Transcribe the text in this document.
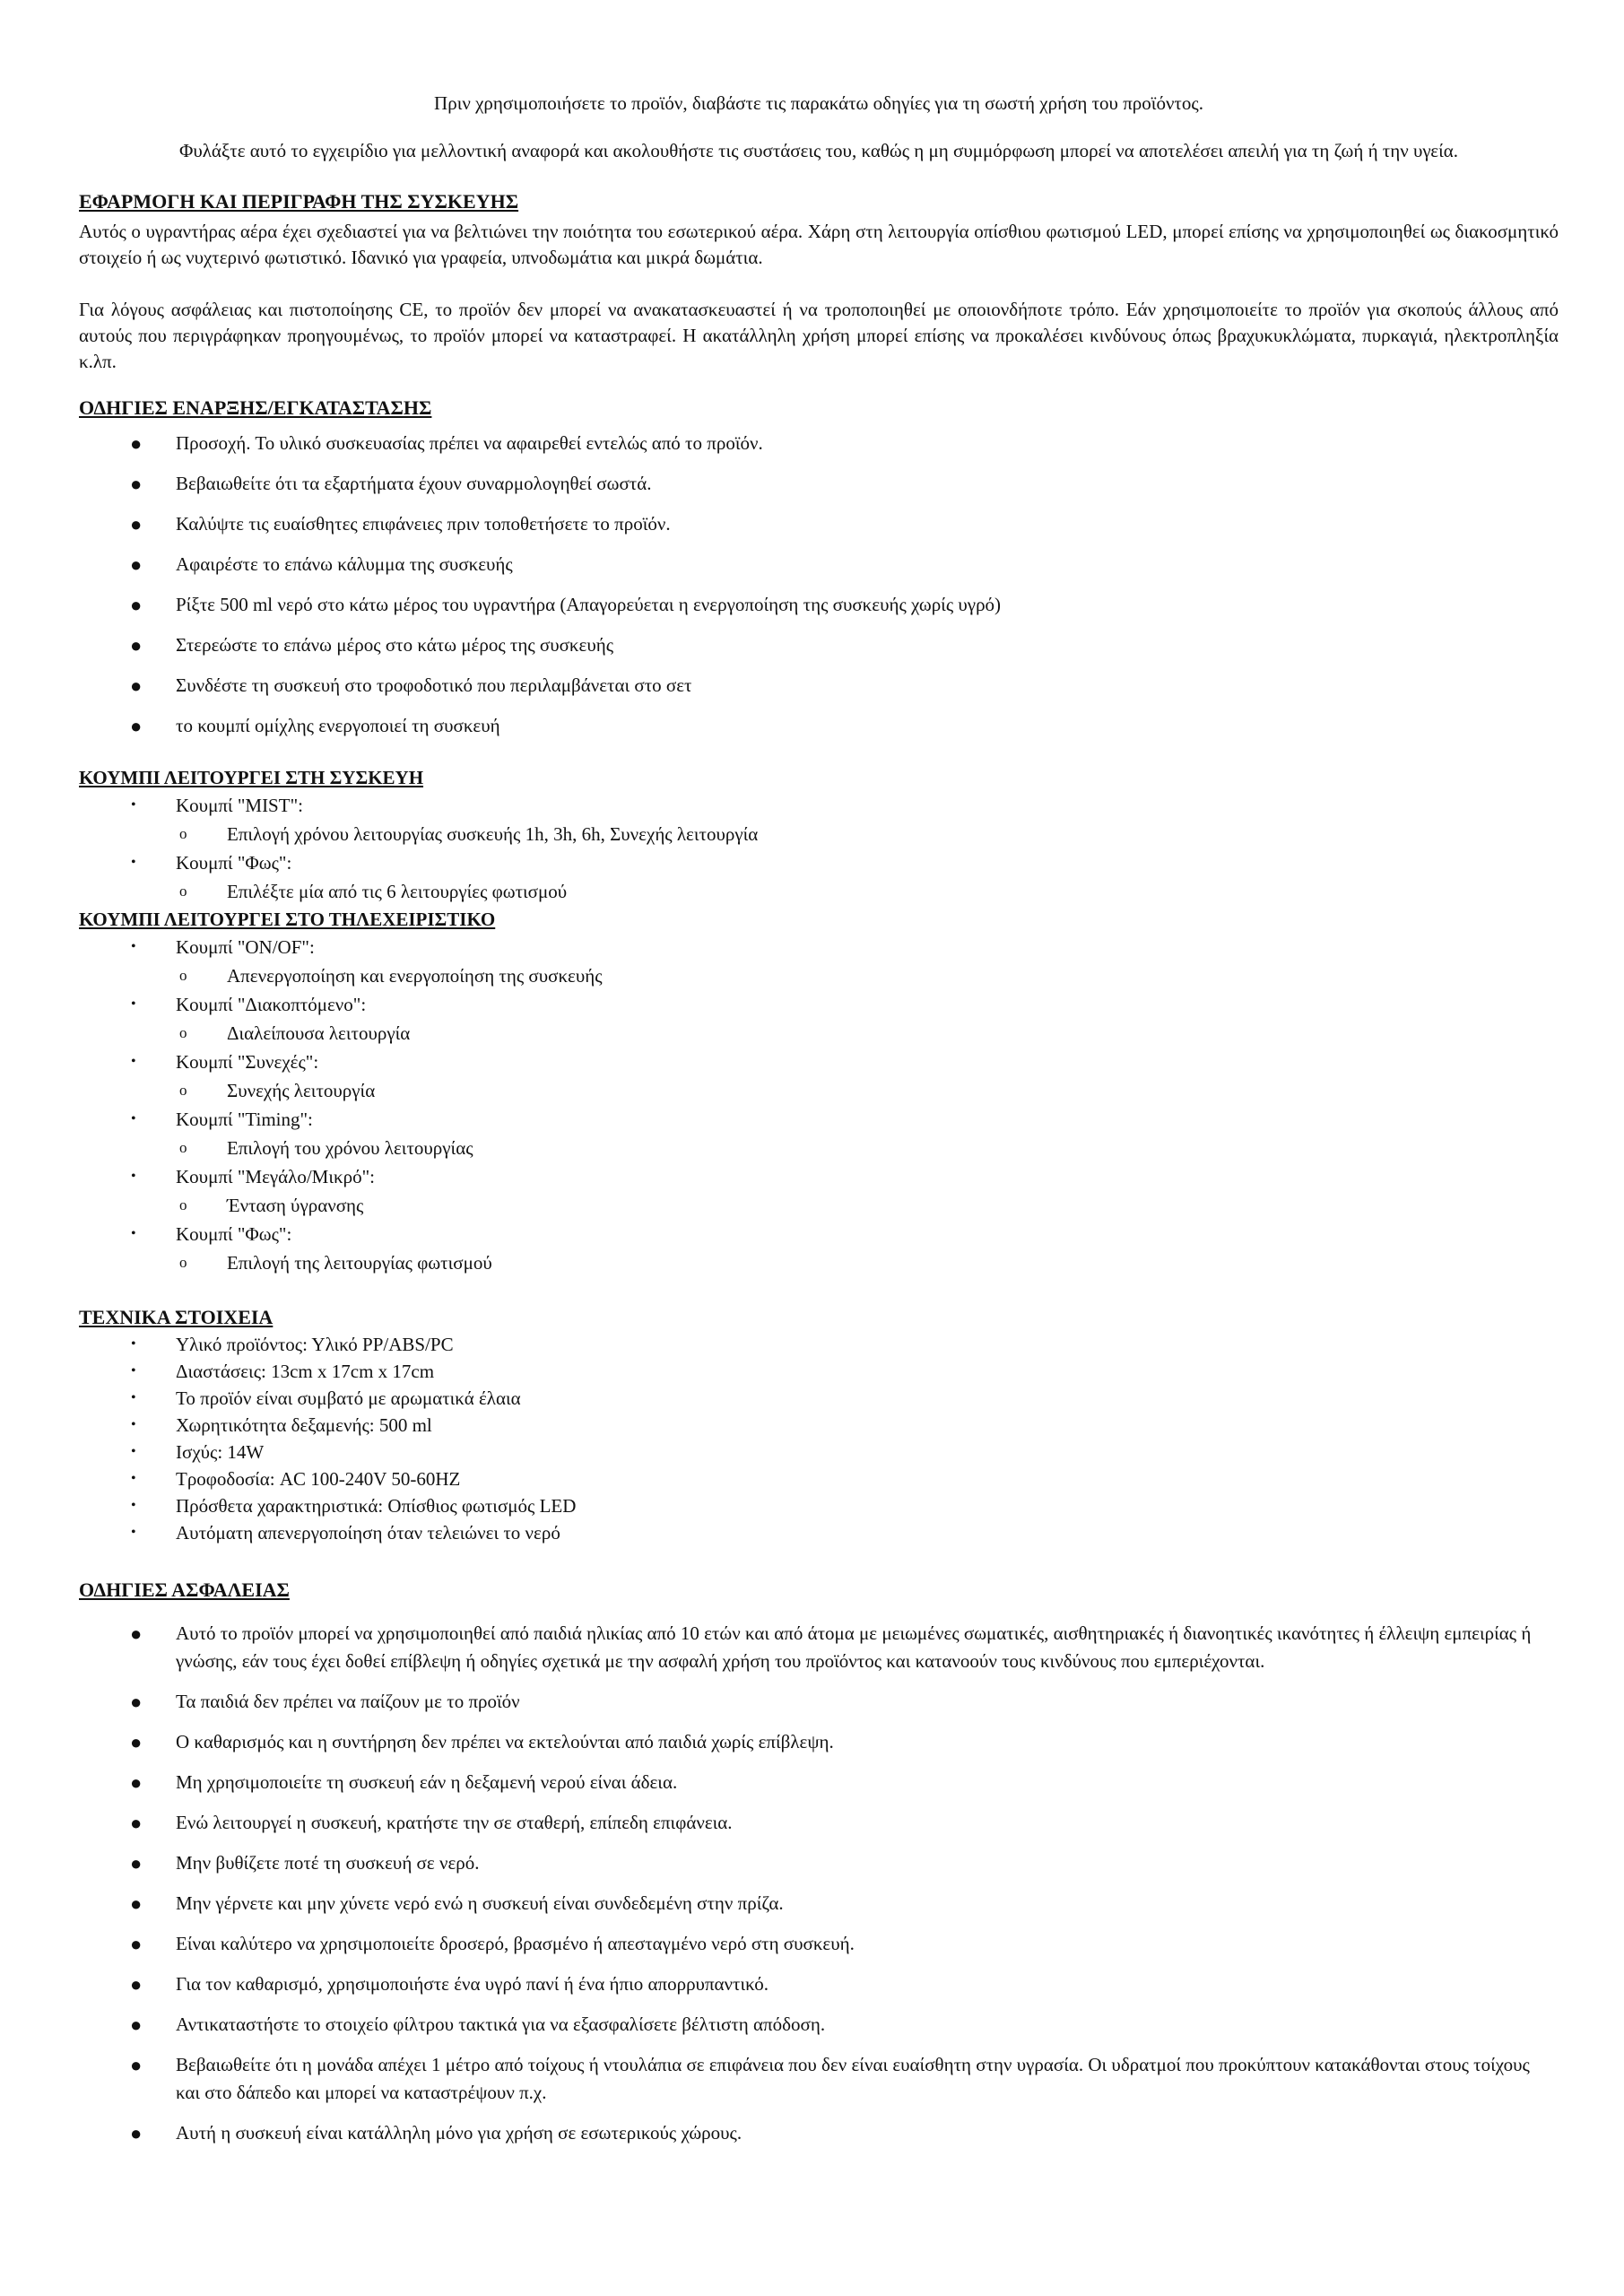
Πριν χρησιμοποιήσετε το προϊόν, διαβάστε τις παρακάτω οδηγίες για τη σωστή χρήση του προϊόντος.
Φυλάξτε αυτό το εγχειρίδιο για μελλοντική αναφορά και ακολουθήστε τις συστάσεις του, καθώς η μη συμμόρφωση μπορεί να αποτελέσει απειλή για τη ζωή ή την υγεία.
ΕΦΑΡΜΟΓΗ ΚΑΙ ΠΕΡΙΓΡΑΦΗ ΤΗΣ ΣΥΣΚΕΥΗΣ

Αυτός ο υγραντήρας αέρα έχει σχεδιαστεί για να βελτιώνει την ποιότητα του εσωτερικού αέρα. Χάρη στη λειτουργία οπίσθιου φωτισμού LED, μπορεί επίσης να χρησιμοποιηθεί ως διακοσμητικό στοιχείο ή ως νυχτερινό φωτιστικό. Ιδανικό για γραφεία, υπνοδωμάτια και μικρά δωμάτια.

Για λόγους ασφάλειας και πιστοποίησης CE, το προϊόν δεν μπορεί να ανακατασκευαστεί ή να τροποποιηθεί με οποιονδήποτε τρόπο. Εάν χρησιμοποιείτε το προϊόν για σκοπούς άλλους από αυτούς που περιγράφηκαν προηγουμένως, το προϊόν μπορεί να καταστραφεί. Η ακατάλληλη χρήση μπορεί επίσης να προκαλέσει κινδύνους όπως βραχυκυκλώματα, πυρκαγιά, ηλεκτροπληξία κ.λπ.

ΟΔΗΓΙΕΣ ΕΝΑΡΞΗΣ/ΕΓΚΑΤΑΣΤΑΣΗΣ
● Προσοχή. Το υλικό συσκευασίας πρέπει να αφαιρεθεί εντελώς από το προϊόν.
● Βεβαιωθείτε ότι τα εξαρτήματα έχουν συναρμολογηθεί σωστά.
● Καλύψτε τις ευαίσθητες επιφάνειες πριν τοποθετήσετε το προϊόν.
● Αφαιρέστε το επάνω κάλυμμα της συσκευής
● Ρίξτε 500 ml νερό στο κάτω μέρος του υγραντήρα (Απαγορεύεται η ενεργοποίηση της συσκευής χωρίς υγρό)
● Στερεώστε το επάνω μέρος στο κάτω μέρος της συσκευής
● Συνδέστε τη συσκευή στο τροφοδοτικό που περιλαμβάνεται στο σετ
● το κουμπί ομίχλης ενεργοποιεί τη συσκευή
ΚΟΥΜΠΙ ΛΕΙΤΟΥΡΓΕΙ ΣΤΗ ΣΥΣΚΕΥΗ
• Κουμπί "MIST":
o Επιλογή χρόνου λειτουργίας συσκευής 1h, 3h, 6h, Συνεχής λειτουργία
• Κουμπί "Φως":
o Επιλέξτε μία από τις 6 λειτουργίες φωτισμού
ΚΟΥΜΠΙ ΛΕΙΤΟΥΡΓΕΙ ΣΤΟ ΤΗΛΕΧΕΙΡΙΣΤΙΚΟ
• Κουμπί "ON/OF":
o Απενεργοποίηση και ενεργοποίηση της συσκευής
• Κουμπί "Διακοπτόμενο":
o Διαλείπουσα λειτουργία
• Κουμπί "Συνεχές":
o Συνεχής λειτουργία
• Κουμπί "Timing":
o Επιλογή του χρόνου λειτουργίας
• Κουμπί "Μεγάλο/Μικρό":
o Ένταση ύγρανσης
• Κουμπί "Φως":
o Επιλογή της λειτουργίας φωτισμού
ΤΕΧΝΙΚΑ ΣΤΟΙΧΕΙΑ
• Υλικό προϊόντος: Υλικό PP/ABS/PC
• Διαστάσεις: 13cm x 17cm x 17cm
• Το προϊόν είναι συμβατό με αρωματικά έλαια
• Χωρητικότητα δεξαμενής: 500 ml
• Ισχύς: 14W
• Τροφοδοσία: AC 100-240V 50-60HZ
• Πρόσθετα χαρακτηριστικά: Οπίσθιος φωτισμός LED
• Αυτόματη απενεργοποίηση όταν τελειώνει το νερό
ΟΔΗΓΙΕΣ ΑΣΦΑΛΕΙΑΣ
● Αυτό το προϊόν μπορεί να χρησιμοποιηθεί από παιδιά ηλικίας από 10 ετών και από άτομα με μειωμένες σωματικές, αισθητηριακές ή διανοητικές ικανότητες ή έλλειψη εμπειρίας ή γνώσης, εάν τους έχει δοθεί επίβλεψη ή οδηγίες σχετικά με την ασφαλή χρήση του προϊόντος και κατανοούν τους κινδύνους που εμπεριέχονται.
● Τα παιδιά δεν πρέπει να παίζουν με το προϊόν
● Ο καθαρισμός και η συντήρηση δεν πρέπει να εκτελούνται από παιδιά χωρίς επίβλεψη.
● Μη χρησιμοποιείτε τη συσκευή εάν η δεξαμενή νερού είναι άδεια.
● Ενώ λειτουργεί η συσκευή, κρατήστε την σε σταθερή, επίπεδη επιφάνεια.
● Μην βυθίζετε ποτέ τη συσκευή σε νερό.
● Μην γέρνετε και μην χύνετε νερό ενώ η συσκευή είναι συνδεδεμένη στην πρίζα.
● Είναι καλύτερο να χρησιμοποιείτε δροσερό, βρασμένο ή απεσταγμένο νερό στη συσκευή.
● Για τον καθαρισμό, χρησιμοποιήστε ένα υγρό πανί ή ένα ήπιο απορρυπαντικό.
● Αντικαταστήστε το στοιχείο φίλτρου τακτικά για να εξασφαλίσετε βέλτιστη απόδοση.
● Βεβαιωθείτε ότι η μονάδα απέχει 1 μέτρο από τοίχους ή ντουλάπια σε επιφάνεια που δεν είναι ευαίσθητη στην υγρασία. Οι υδρατμοί που προκύπτουν κατακάθονται στους τοίχους και στο δάπεδο και μπορεί να καταστρέψουν π.χ.
● Αυτή η συσκευή είναι κατάλληλη μόνο για χρήση σε εσωτερικούς χώρους.
